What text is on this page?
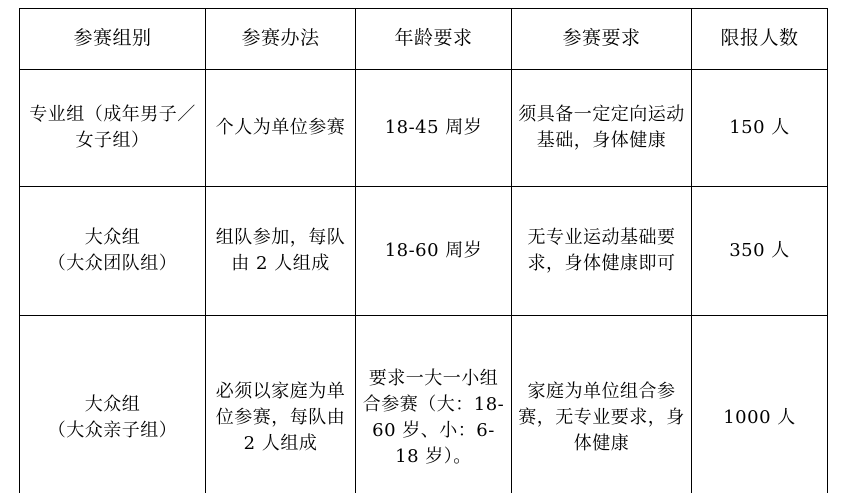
参赛组别	参赛办法	年龄要求	参赛要求	限报人数
专业组（成年男子／女子组）	个人为单位参赛	18-45 周岁	须具备一定定向运动基础，身体健康	150 人

大众组
（大众团队组）	组队参加，每队由 2 人组成	18-60 周岁	无专业运动基础要求，身体健康即可	350 人

大众组
（大众亲子组）	必须以家庭为单位参赛，每队由 2 人组成	要求一大一小组合参赛（大：18-60 岁、小：6-18 岁）。	家庭为单位组合参赛，无专业要求，身体健康	1000 人
